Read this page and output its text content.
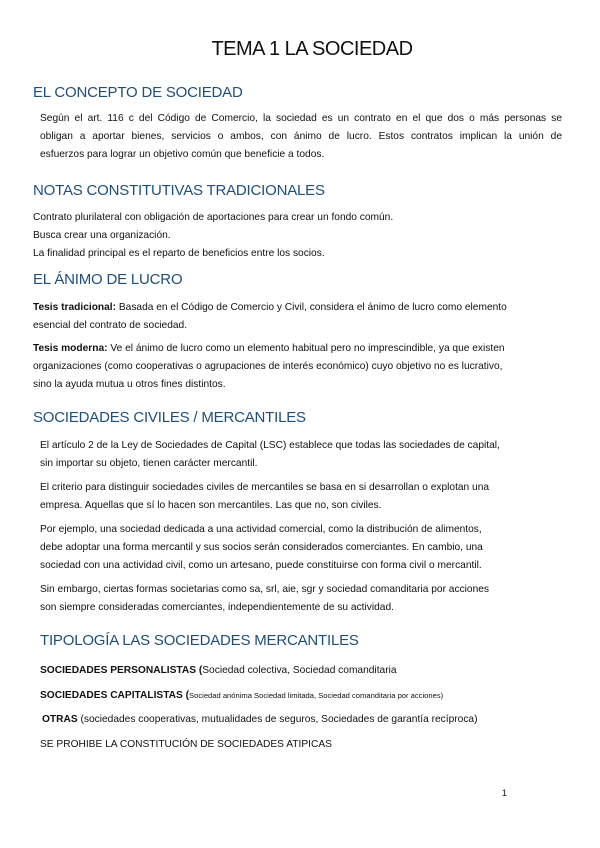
TEMA 1 LA SOCIEDAD
EL CONCEPTO DE SOCIEDAD
Según el art. 116 c del Código de Comercio, la sociedad es un contrato en el que dos o más personas se
obligan a aportar bienes, servicios o ambos, con ánimo de lucro. Estos contratos implican la unión de
esfuerzos para lograr un objetivo común que beneficie a todos.
NOTAS CONSTITUTIVAS TRADICIONALES
Contrato plurilateral con obligación de aportaciones para crear un fondo común.
Busca crear una organización.
La finalidad principal es el reparto de beneficios entre los socios.
EL ÁNIMO DE LUCRO
Tesis tradicional: Basada en el Código de Comercio y Civil, considera el ánimo de lucro como elemento
esencial del contrato de sociedad.
Tesis moderna: Ve el ánimo de lucro como un elemento habitual pero no imprescindible, ya que existen
organizaciones (como cooperativas o agrupaciones de interés económico) cuyo objetivo no es lucrativo,
sino la ayuda mutua u otros fines distintos.
SOCIEDADES CIVILES / MERCANTILES
El artículo 2 de la Ley de Sociedades de Capital (LSC) establece que todas las sociedades de capital,
sin importar su objeto, tienen carácter mercantil.
El criterio para distinguir sociedades civiles de mercantiles se basa en si desarrollan o explotan una
empresa. Aquellas que sí lo hacen son mercantiles. Las que no, son civiles.
Por ejemplo, una sociedad dedicada a una actividad comercial, como la distribución de alimentos,
debe adoptar una forma mercantil y sus socios serán considerados comerciantes. En cambio, una
sociedad con una actividad civil, como un artesano, puede constituirse con forma civil o mercantil.
Sin embargo, ciertas formas societarias como sa, srl, aie, sgr y sociedad comanditaria por acciones
son siempre consideradas comerciantes, independientemente de su actividad.
TIPOLOGÍA LAS SOCIEDADES MERCANTILES
SOCIEDADES PERSONALISTAS (Sociedad colectiva, Sociedad comanditaria
SOCIEDADES CAPITALISTAS (Sociedad anónima Sociedad limitada, Sociedad comanditaria por acciones)
OTRAS (sociedades cooperativas, mutualidades de seguros, Sociedades de garantía recíproca)
SE PROHIBE LA CONSTITUCIÓN DE SOCIEDADES ATIPICAS
1
